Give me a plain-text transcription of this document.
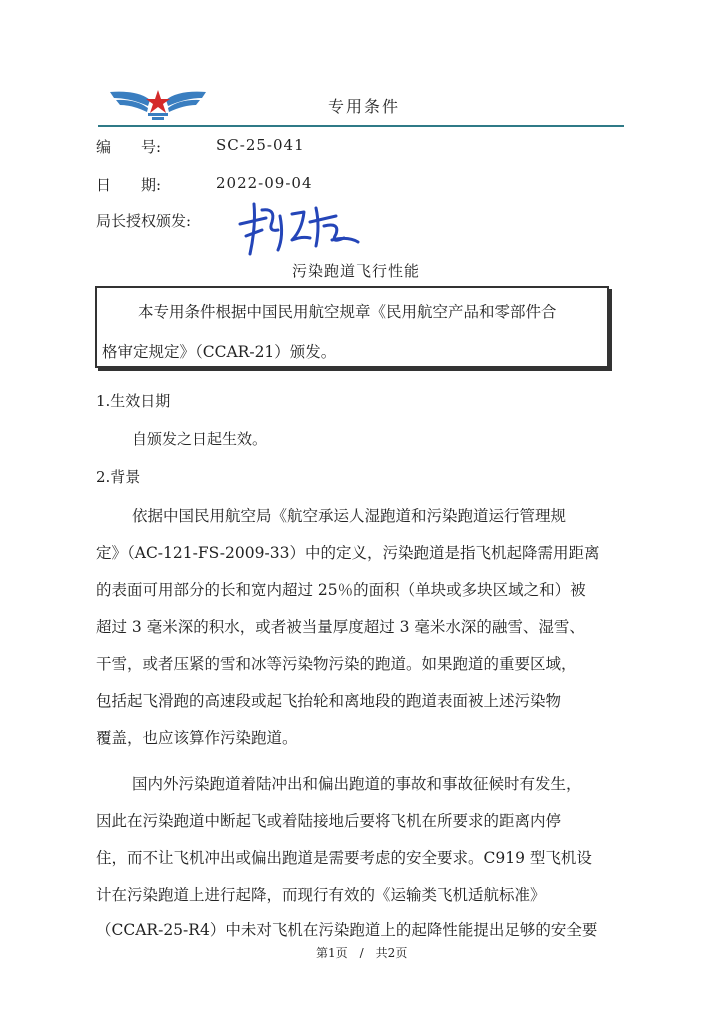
专用条件
编　　号:	SC-25-041
日　　期:	2022-09-04
局长授权颁发:
污染跑道飞行性能
本专用条件根据中国民用航空规章《民用航空产品和零部件合
格审定规定》（CCAR-21）颁发。
1.生效日期
自颁发之日起生效。
2.背景
依据中国民用航空局《航空承运人湿跑道和污染跑道运行管理规
定》（AC-121-FS-2009-33）中的定义，污染跑道是指飞机起降需用距离
的表面可用部分的长和宽内超过 25％的面积（单块或多块区域之和）被
超过 3 毫米深的积水，或者被当量厚度超过 3 毫米水深的融雪、湿雪、
干雪，或者压紧的雪和冰等污染物污染的跑道。如果跑道的重要区域，
包括起飞滑跑的高速段或起飞抬轮和离地段的跑道表面被上述污染物
覆盖，也应该算作污染跑道。
国内外污染跑道着陆冲出和偏出跑道的事故和事故征候时有发生，
因此在污染跑道中断起飞或着陆接地后要将飞机在所要求的距离内停
住，而不让飞机冲出或偏出跑道是需要考虑的安全要求。C919 型飞机设
计在污染跑道上进行起降，而现行有效的《运输类飞机适航标准》
（CCAR-25-R4）中未对飞机在污染跑道上的起降性能提出足够的安全要
第1页　/　共2页
